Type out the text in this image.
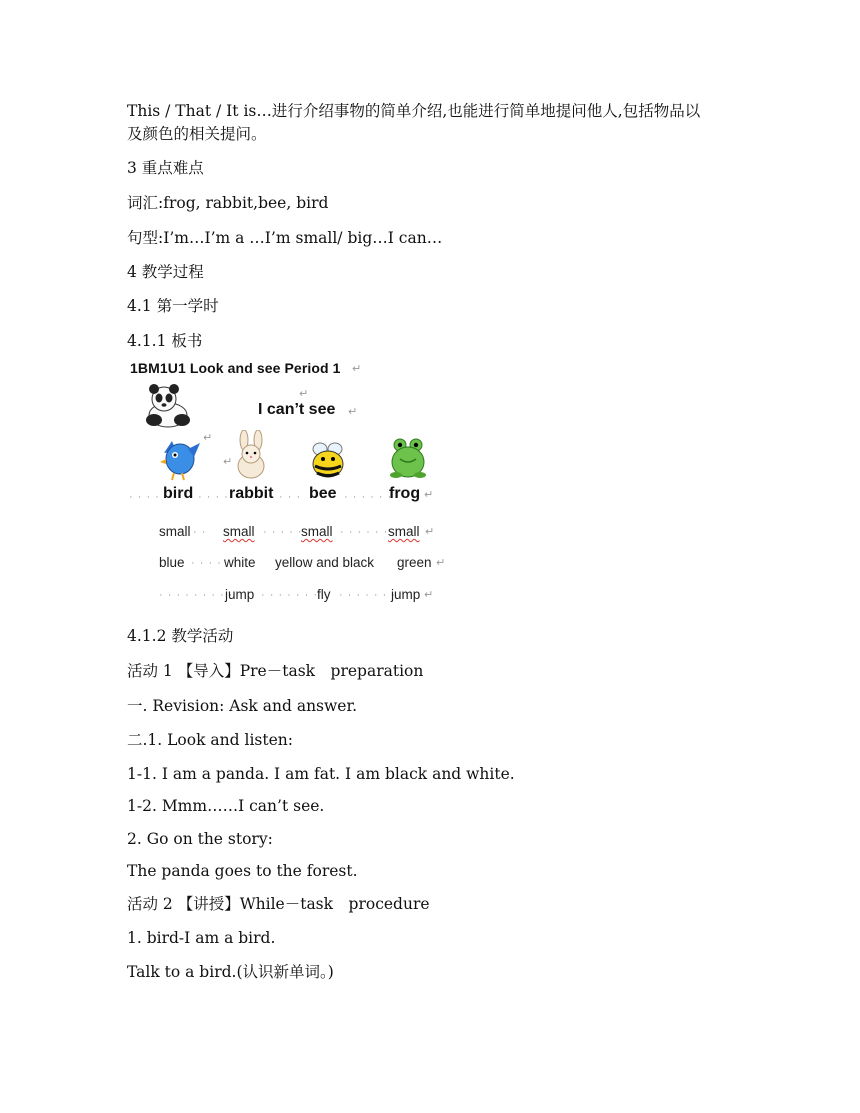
This / That / It is…进行介绍事物的简单介绍,也能进行简单地提问他人,包括物品以

及颜色的相关提问。

3 重点难点

词汇:frog, rabbit,bee, bird

句型:I’m…I’m a …I’m small/ big…I can…

4 教学过程

4.1 第一学时

4.1.1 板书

1BM1U1 Look and see Period 1 ↵
↵
I can’t see ↵
↵
↵
· · · · bird · · · · rabbit · · · bee · · · · · ·
frog ↵
small · · small · · · · ·
small · · · · · · small ↵
blue · · · · white yellow and black green ↵
· · · · · · · · ·
jump · · · · · · · fly · · · · · · ·
jump ↵

4.1.2 教学活动

活动 1 【导入】Pre－task　preparation

一. Revision: Ask and answer.

二.1. Look and listen:

1-1. I am a panda. I am fat. I am black and white.

1-2. Mmm……I can’t see.

2. Go on the story:

The panda goes to the forest.

活动 2 【讲授】While－task　procedure

1. bird-I am a bird.

Talk to a bird.(认识新单词。)
